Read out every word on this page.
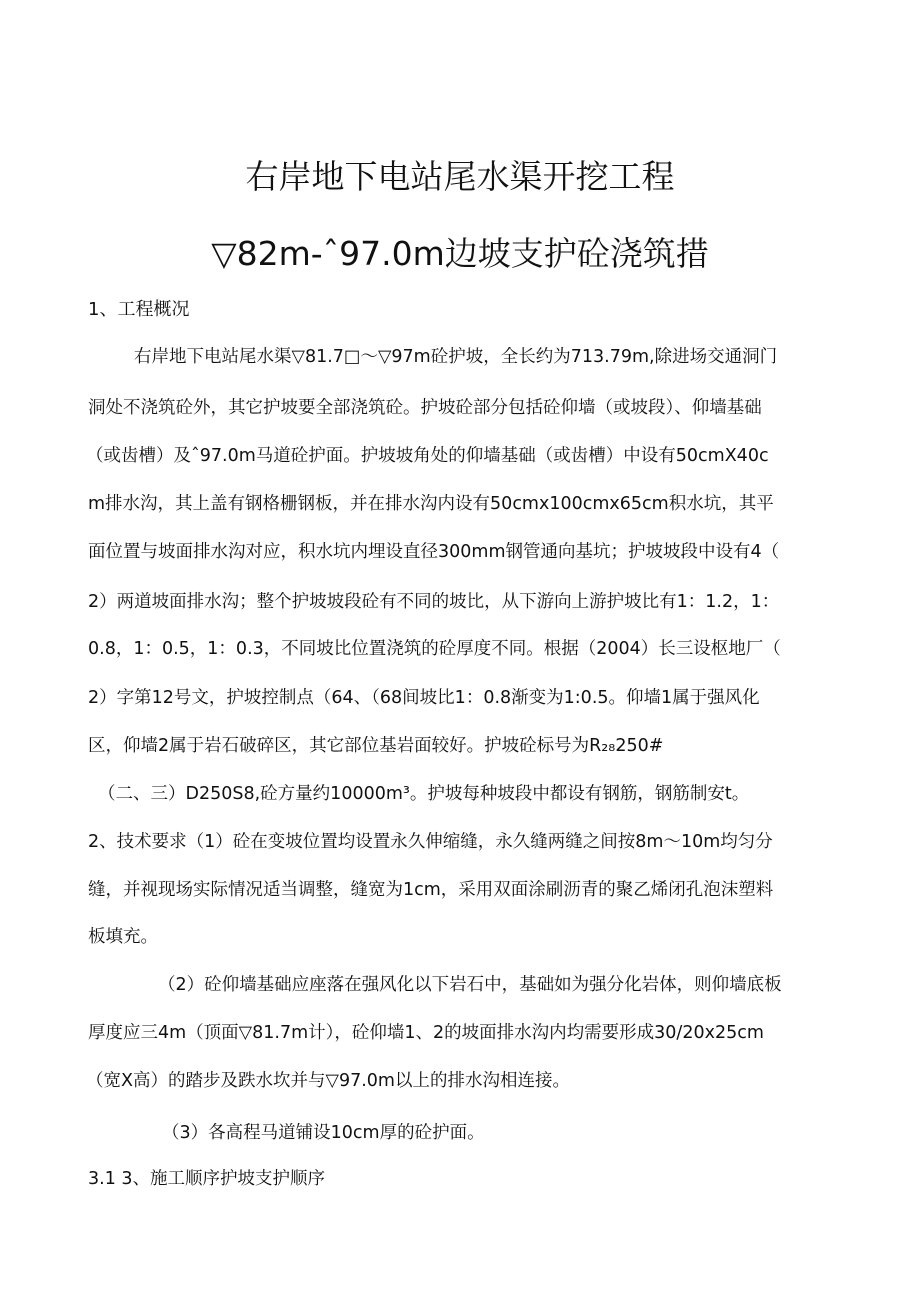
右岸地下电站尾水渠开挖工程
▽82m-ˆ97.0m边坡支护砼浇筑措
1、工程概况
右岸地下电站尾水渠▽81.7□～▽97m砼护坡，全长约为713.79m,除进场交通洞门
洞处不浇筑砼外，其它护坡要全部浇筑砼。护坡砼部分包括砼仰墙（或坡段）、仰墙基础
（或齿槽）及ˆ97.0m马道砼护面。护坡坡角处的仰墙基础（或齿槽）中设有50cmX40c
m排水沟，其上盖有钢格栅钢板，并在排水沟内设有50cmx100cmx65cm积水坑，其平
面位置与坡面排水沟对应，积水坑内埋设直径300mm钢管通向基坑；护坡坡段中设有4（
2）两道坡面排水沟；整个护坡坡段砼有不同的坡比，从下游向上游护坡比有1：1.2，1：
0.8，1：0.5，1：0.3，不同坡比位置浇筑的砼厚度不同。根据（2004）长三设枢地厂（
2）字第12号文，护坡控制点（64、（68间坡比1：0.8渐变为1:0.5。仰墙1属于强风化
区，仰墙2属于岩石破碎区，其它部位基岩面较好。护坡砼标号为R₂₈250#
（二、三）D250S8,砼方量约10000m³。护坡每种坡段中都设有钢筋，钢筋制安t。
2、技术要求（1）砼在变坡位置均设置永久伸缩缝，永久缝两缝之间按8m～10m均匀分
缝，并视现场实际情况适当调整，缝宽为1cm，采用双面涂刷沥青的聚乙烯闭孔泡沫塑料
板填充。
（2）砼仰墙基础应座落在强风化以下岩石中，基础如为强分化岩体，则仰墙底板
厚度应三4m（顶面▽81.7m计），砼仰墙1、2的坡面排水沟内均需要形成30/20x25cm
（宽X高）的踏步及跌水坎并与▽97.0m以上的排水沟相连接。
（3）各高程马道铺设10cm厚的砼护面。
3.1 3、施工顺序护坡支护顺序
